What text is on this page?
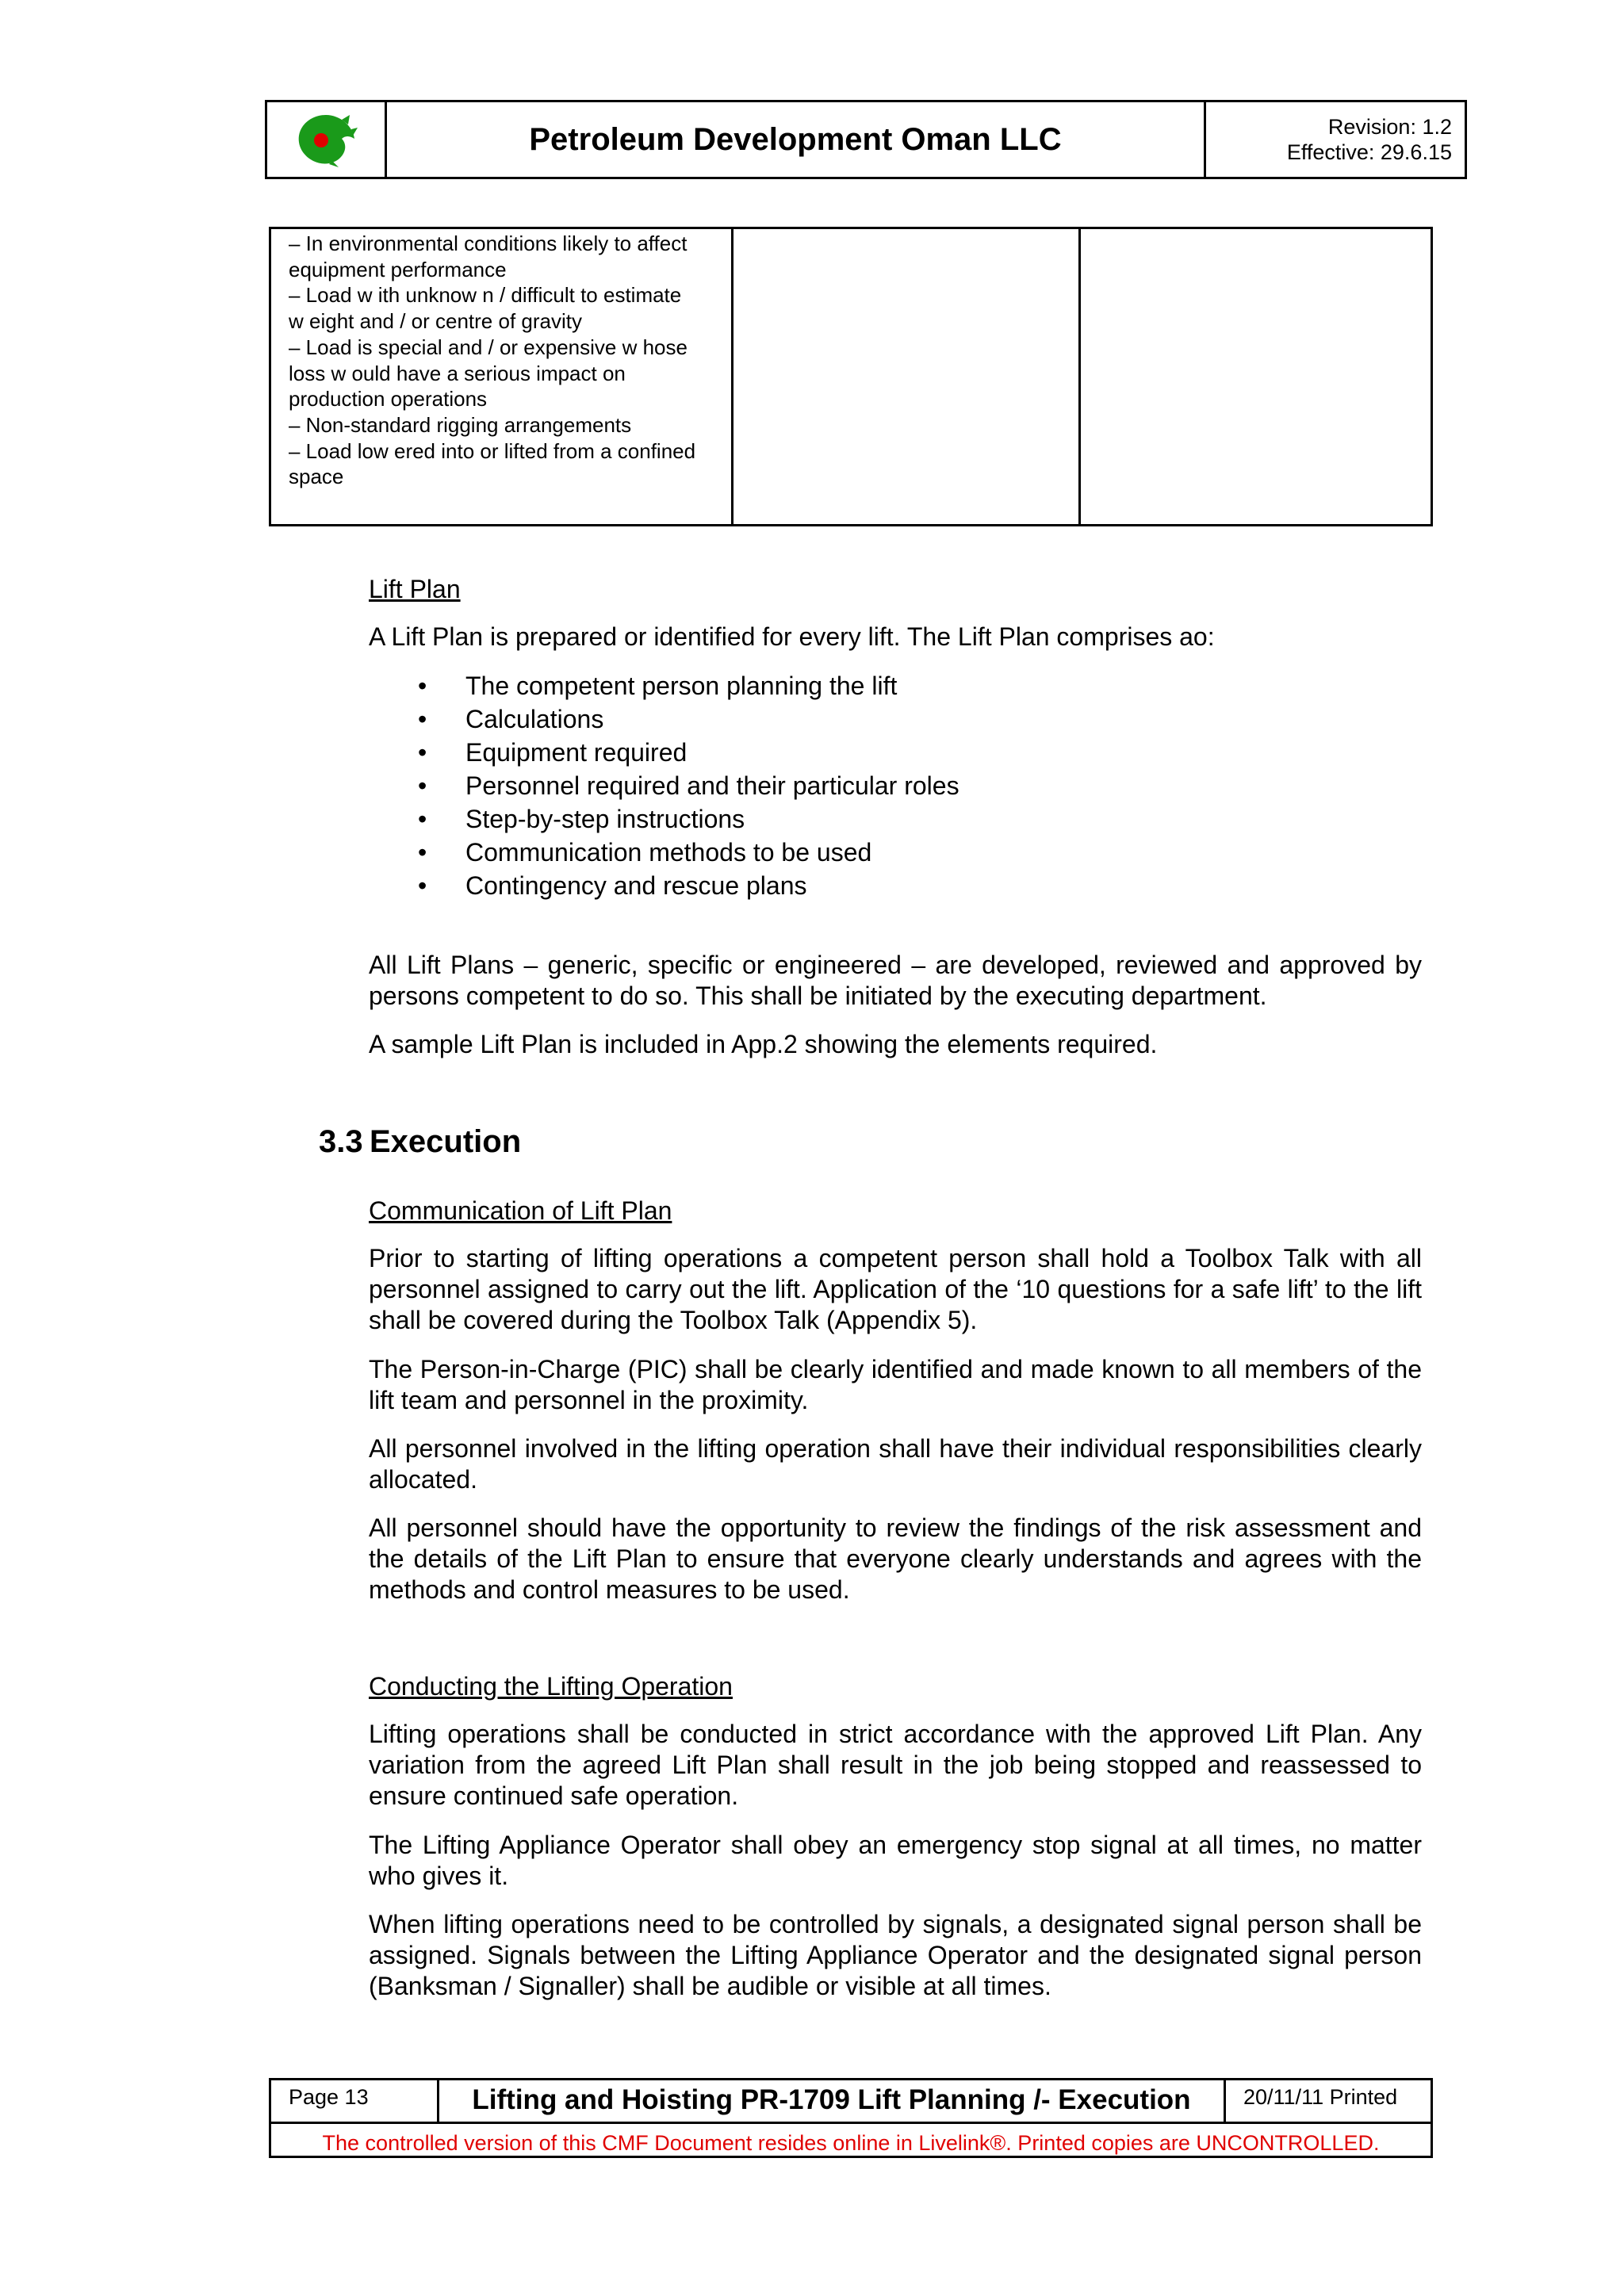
Petroleum Development Oman LLC	Revision: 1.2
Effective: 29.6.15
– In environmental conditions likely to affect
equipment performance
– Load w ith unknow n / difficult to estimate
w eight and / or centre of gravity
– Load is special and / or expensive w hose
loss w ould have a serious impact on
production operations
– Non-standard rigging arrangements
– Load low ered into or lifted from a confined
space
Lift Plan
A Lift Plan is prepared or identified for every lift. The Lift Plan comprises ao:
• The competent person planning the lift
• Calculations
• Equipment required
• Personnel required and their particular roles
• Step-by-step instructions
• Communication methods to be used
• Contingency and rescue plans
All Lift Plans – generic, specific or engineered – are developed, reviewed and approved by persons competent to do so. This shall be initiated by the executing department.
A sample Lift Plan is included in App.2 showing the elements required.
3.3 Execution
Communication of Lift Plan
Prior to starting of lifting operations a competent person shall hold a Toolbox Talk with all personnel assigned to carry out the lift. Application of the ‘10 questions for a safe lift’ to the lift shall be covered during the Toolbox Talk (Appendix 5).
The Person-in-Charge (PIC) shall be clearly identified and made known to all members of the lift team and personnel in the proximity.
All personnel involved in the lifting operation shall have their individual responsibilities clearly allocated.
All personnel should have the opportunity to review the findings of the risk assessment and the details of the Lift Plan to ensure that everyone clearly understands and agrees with the methods and control measures to be used.
Conducting the Lifting Operation
Lifting operations shall be conducted in strict accordance with the approved Lift Plan. Any variation from the agreed Lift Plan shall result in the job being stopped and reassessed to ensure continued safe operation.
The Lifting Appliance Operator shall obey an emergency stop signal at all times, no matter who gives it.
When lifting operations need to be controlled by signals, a designated signal person shall be assigned. Signals between the Lifting Appliance Operator and the designated signal person (Banksman / Signaller) shall be audible or visible at all times.
Page 13	Lifting and Hoisting PR-1709 Lift Planning /- Execution	20/11/11 Printed
The controlled version of this CMF Document resides online in Livelink®. Printed copies are UNCONTROLLED.
